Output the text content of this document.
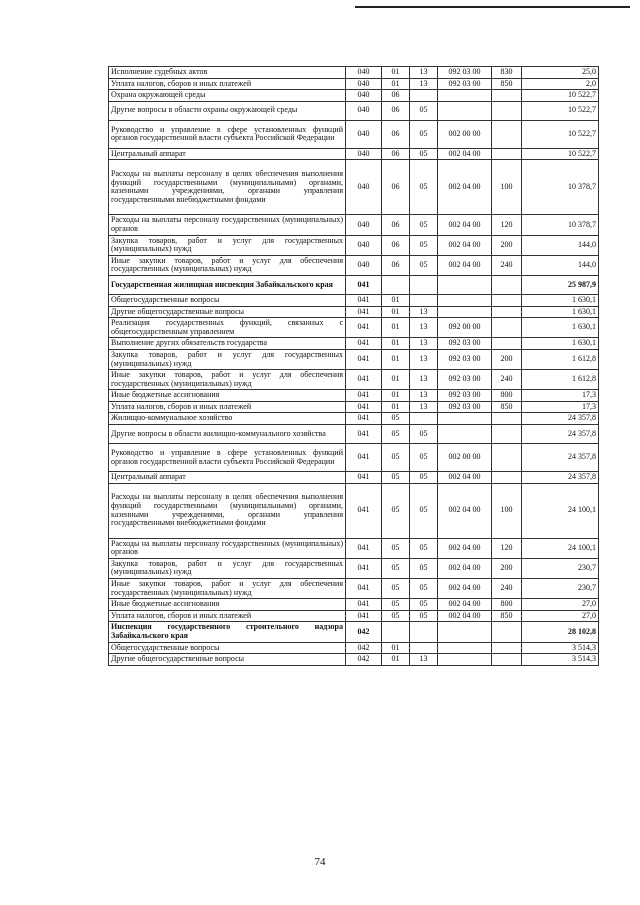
Исполнение судебных актов	040	01	13	092 03 00	830	25,0
Уплата налогов, сборов и иных платежей	040	01	13	092 03 00	850	2,0
Охрана окружающей среды	040	06				10 522,7
Другие вопросы в области охраны окружающей среды	040	06	05			10 522,7
Руководство и управление в сфере установленных функций органов государственной власти субъекта Российской Федерации	040	06	05	002 00 00		10 522,7
Центральный аппарат	040	06	05	002 04 00		10 522,7
Расходы на выплаты персоналу в целях обеспечения выполнения функций государственными (муниципальными) органами, казенными учреждениями, органами управления государственными внебюджетными фондами	040	06	05	002 04 00	100	10 378,7
Расходы на выплаты персоналу государственных (муниципальных) органов	040	06	05	002 04 00	120	10 378,7
Закупка товаров, работ и услуг для государственных (муниципальных) нужд	040	06	05	002 04 00	200	144,0
Иные закупки товаров, работ и услуг для обеспечения государственных (муниципальных) нужд	040	06	05	002 04 00	240	144,0
Государственная жилищная инспекция Забайкальского края	041					25 987,9
Общегосударственные вопросы	041	01				1 630,1
Другие общегосударственные вопросы	041	01	13			1 630,1
Реализация государственных функций, связанных с общегосударственным управлением	041	01	13	092 00 00		1 630,1
Выполнение других обязательств государства	041	01	13	092 03 00		1 630,1
Закупка товаров, работ и услуг для государственных (муниципальных) нужд	041	01	13	092 03 00	200	1 612,8
Иные закупки товаров, работ и услуг для обеспечения государственных (муниципальных) нужд	041	01	13	092 03 00	240	1 612,8
Иные бюджетные ассигнования	041	01	13	092 03 00	800	17,3
Уплата налогов, сборов и иных платежей	041	01	13	092 03 00	850	17,3
Жилищно-коммунальное хозяйство	041	05				24 357,8
Другие вопросы в области жилищно-коммунального хозяйства	041	05	05			24 357,8
Руководство и управление в сфере установленных функций органов государственной власти субъекта Российской Федерации	041	05	05	002 00 00		24 357,8
Центральный аппарат	041	05	05	002 04 00		24 357,8
Расходы на выплаты персоналу в целях обеспечения выполнения функций государственными (муниципальными) органами, казенными учреждениями, органами управления государственными внебюджетными фондами	041	05	05	002 04 00	100	24 100,1
Расходы на выплаты персоналу государственных (муниципальных) органов	041	05	05	002 04 00	120	24 100,1
Закупка товаров, работ и услуг для государственных (муниципальных) нужд	041	05	05	002 04 00	200	230,7
Иные закупки товаров, работ и услуг для обеспечения государственных (муниципальных) нужд	041	05	05	002 04 00	240	230,7
Иные бюджетные ассигнования	041	05	05	002 04 00	800	27,0
Уплата налогов, сборов и иных платежей	041	05	05	002 04 00	850	27,0
Инспекция государственного строительного надзора Забайкальского края	042					28 102,8
Общегосударственные вопросы	042	01				3 514,3
Другие общегосударственные вопросы	042	01	13			3 514,3
74
